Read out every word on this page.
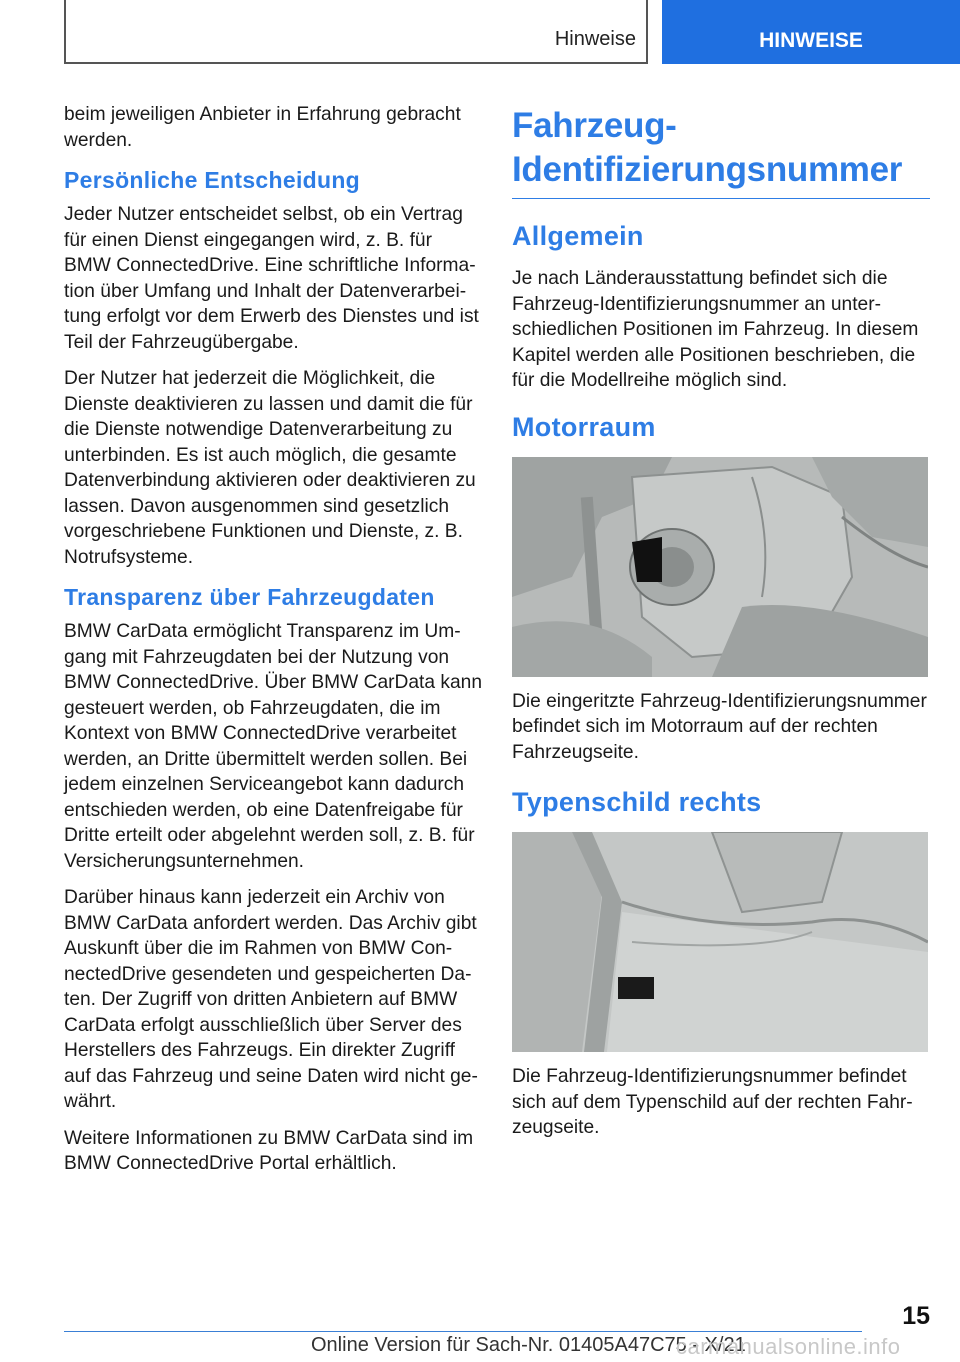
Hinweise	HINWEISE

beim jeweiligen Anbieter in Erfahrung gebracht werden.

Persönliche Entscheidung

Jeder Nutzer entscheidet selbst, ob ein Vertrag für einen Dienst eingegangen wird, z. B. für BMW ConnectedDrive. Eine schriftliche Information über Umfang und Inhalt der Datenverarbeitung erfolgt vor dem Erwerb des Dienstes und ist Teil der Fahrzeugübergabe.

Der Nutzer hat jederzeit die Möglichkeit, die Dienste deaktivieren zu lassen und damit die für die Dienste notwendige Datenverarbeitung zu unterbinden. Es ist auch möglich, die gesamte Datenverbindung aktivieren oder deaktivieren zu lassen. Davon ausgenommen sind gesetzlich vorgeschriebene Funktionen und Dienste, z. B. Notrufsysteme.

Transparenz über Fahrzeugdaten

BMW CarData ermöglicht Transparenz im Umgang mit Fahrzeugdaten bei der Nutzung von BMW ConnectedDrive. Über BMW CarData kann gesteuert werden, ob Fahrzeugdaten, die im Kontext von BMW ConnectedDrive verarbeitet werden, an Dritte übermittelt werden sollen. Bei jedem einzelnen Serviceangebot kann dadurch entschieden werden, ob eine Datenfreigabe für Dritte erteilt oder abgelehnt werden soll, z. B. für Versicherungsunternehmen.

Darüber hinaus kann jederzeit ein Archiv von BMW CarData anfordert werden. Das Archiv gibt Auskunft über die im Rahmen von BMW ConnectedDrive gesendeten und gespeicherten Daten. Der Zugriff von dritten Anbietern auf BMW CarData erfolgt ausschließlich über Server des Herstellers des Fahrzeugs. Ein direkter Zugriff auf das Fahrzeug und seine Daten wird nicht gewährt.

Weitere Informationen zu BMW CarData sind im BMW ConnectedDrive Portal erhältlich.

Fahrzeug-Identifizierungsnummer
Allgemein

Je nach Länderausstattung befindet sich die Fahrzeug-Identifizierungsnummer an unterschiedlichen Positionen im Fahrzeug. In diesem Kapitel werden alle Positionen beschrieben, die für die Modellreihe möglich sind.

Motorraum

Die eingeritzte Fahrzeug-Identifizierungsnummer befindet sich im Motorraum auf der rechten Fahrzeugseite.

Typenschild rechts

Die Fahrzeug-Identifizierungsnummer befindet sich auf dem Typenschild auf der rechten Fahrzeugseite.

15
Online Version für Sach-Nr. 01405A47C75 - X/21
carmanualsonline.info
